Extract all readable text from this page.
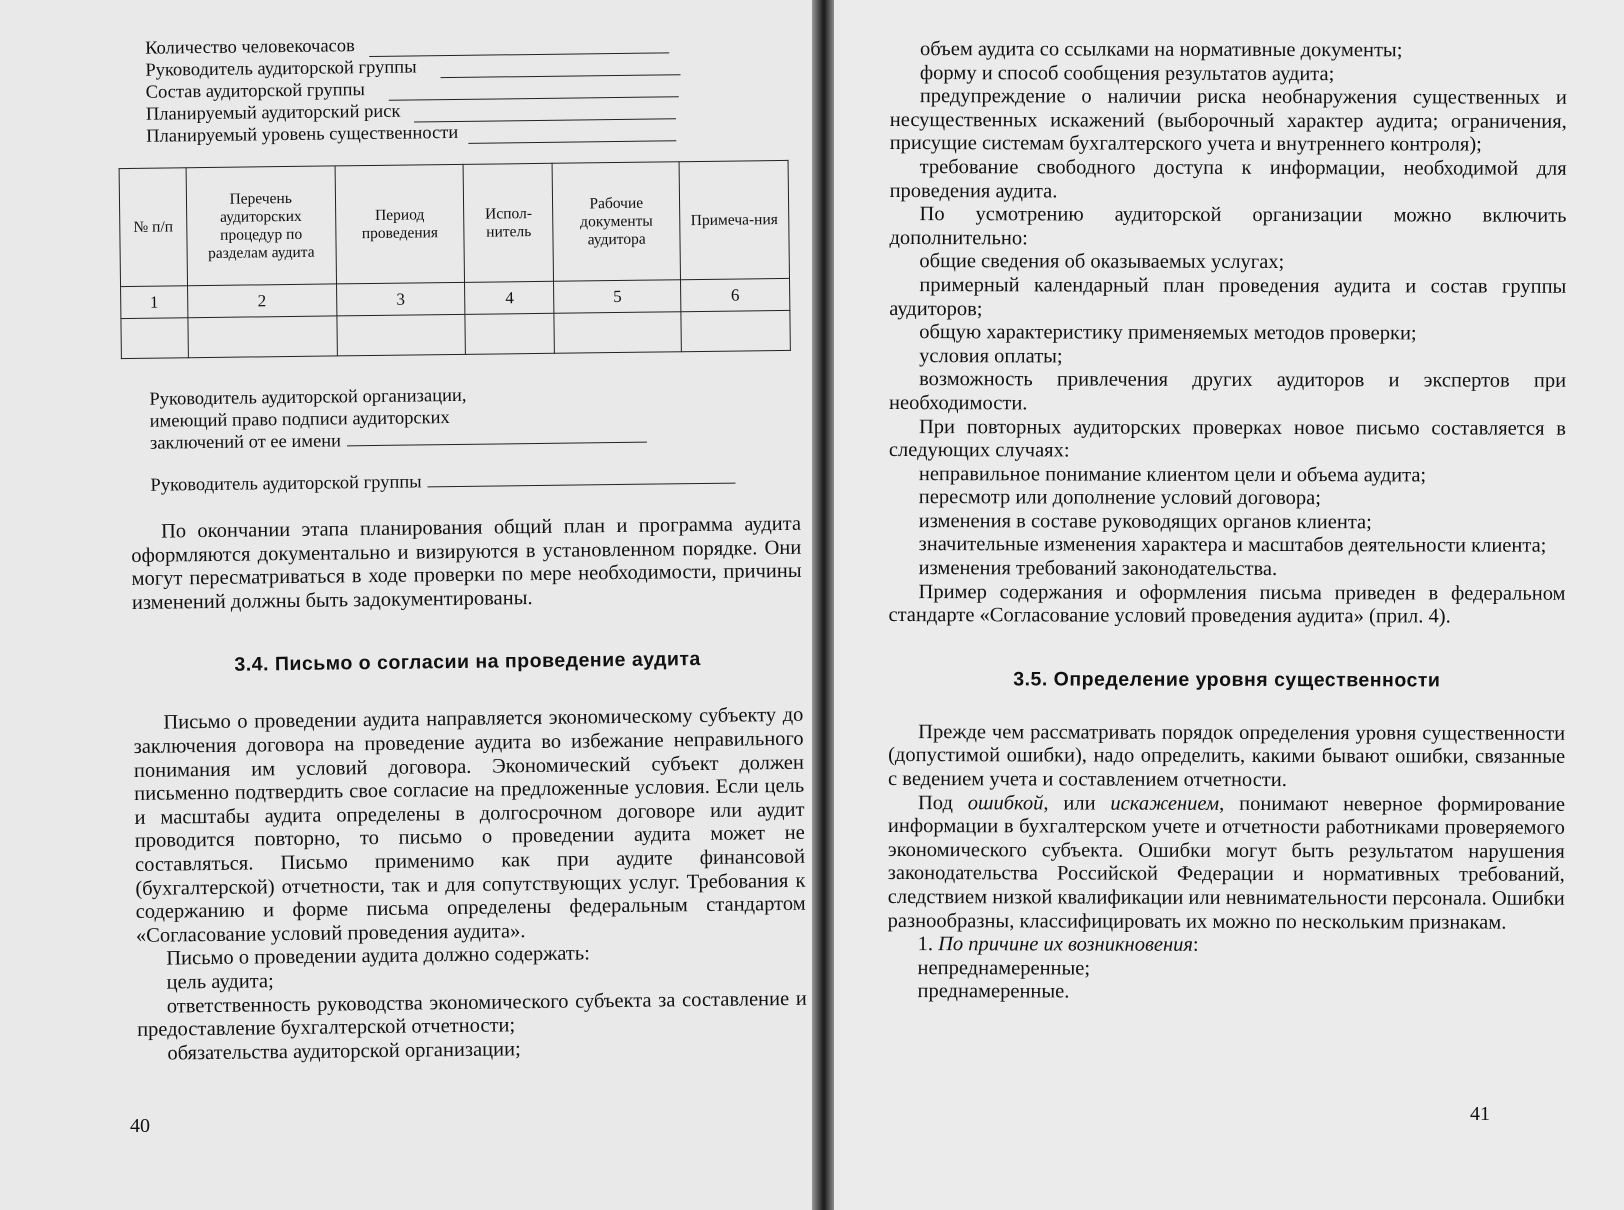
Количество человекочасов
Руководитель аудиторской группы
Состав аудиторской группы
Планируемый аудиторский риск
Планируемый уровень существенности
№ п/п	Перечень аудиторских процедур по разделам аудита	Период проведения	Испол-нитель	Рабочие документы аудитора	Примеча-ния
1	2	3	4	5	6

Руководитель аудиторской организации,
имеющий право подписи аудиторских
заключений от ее имени
Руководитель аудиторской группы

По окончании этапа планирования общий план и программа аудита оформляются документально и визируются в установленном порядке. Они могут пересматриваться в ходе проверки по мере необходимости, причины изменений должны быть задокументированы.

3.4. Письмо о согласии на проведение аудита

Письмо о проведении аудита направляется экономическому субъекту до заключения договора на проведение аудита во избежание неправильного понимания им условий договора. Экономический субъект должен письменно подтвердить свое согласие на предложенные условия. Если цель и масштабы аудита определены в долгосрочном договоре или аудит проводится повторно, то письмо о проведении аудита может не составляться. Письмо применимо как при аудите финансовой (бухгалтерской) отчетности, так и для сопутствующих услуг. Требования к содержанию и форме письма определены федеральным стандартом «Согласование условий проведения аудита».

Письмо о проведении аудита должно содержать:

цель аудита;

ответственность руководства экономического субъекта за составление и предоставление бухгалтерской отчетности;

обязательства аудиторской организации;

40

объем аудита со ссылками на нормативные документы;

форму и способ сообщения результатов аудита;

предупреждение о наличии риска необнаружения существенных и несущественных искажений (выборочный характер аудита; ограничения, присущие системам бухгалтерского учета и внутреннего контроля);

требование свободного доступа к информации, необходимой для проведения аудита.

По усмотрению аудиторской организации можно включить дополнительно:

общие сведения об оказываемых услугах;

примерный календарный план проведения аудита и состав группы аудиторов;

общую характеристику применяемых методов проверки;

условия оплаты;

возможность привлечения других аудиторов и экспертов при необходимости.

При повторных аудиторских проверках новое письмо составляется в следующих случаях:

неправильное понимание клиентом цели и объема аудита;

пересмотр или дополнение условий договора;

изменения в составе руководящих органов клиента;

значительные изменения характера и масштабов деятельности клиента;

изменения требований законодательства.

Пример содержания и оформления письма приведен в федеральном стандарте «Согласование условий проведения аудита» (прил. 4).

3.5. Определение уровня существенности

Прежде чем рассматривать порядок определения уровня существенности (допустимой ошибки), надо определить, какими бывают ошибки, связанные с ведением учета и составлением отчетности.

Под ошибкой, или искажением, понимают неверное формирование информации в бухгалтерском учете и отчетности работниками проверяемого экономического субъекта. Ошибки могут быть результатом нарушения законодательства Российской Федерации и нормативных требований, следствием низкой квалификации или невнимательности персонала. Ошибки разнообразны, классифицировать их можно по нескольким признакам.

1. По причине их возникновения:

непреднамеренные;

преднамеренные.

41
